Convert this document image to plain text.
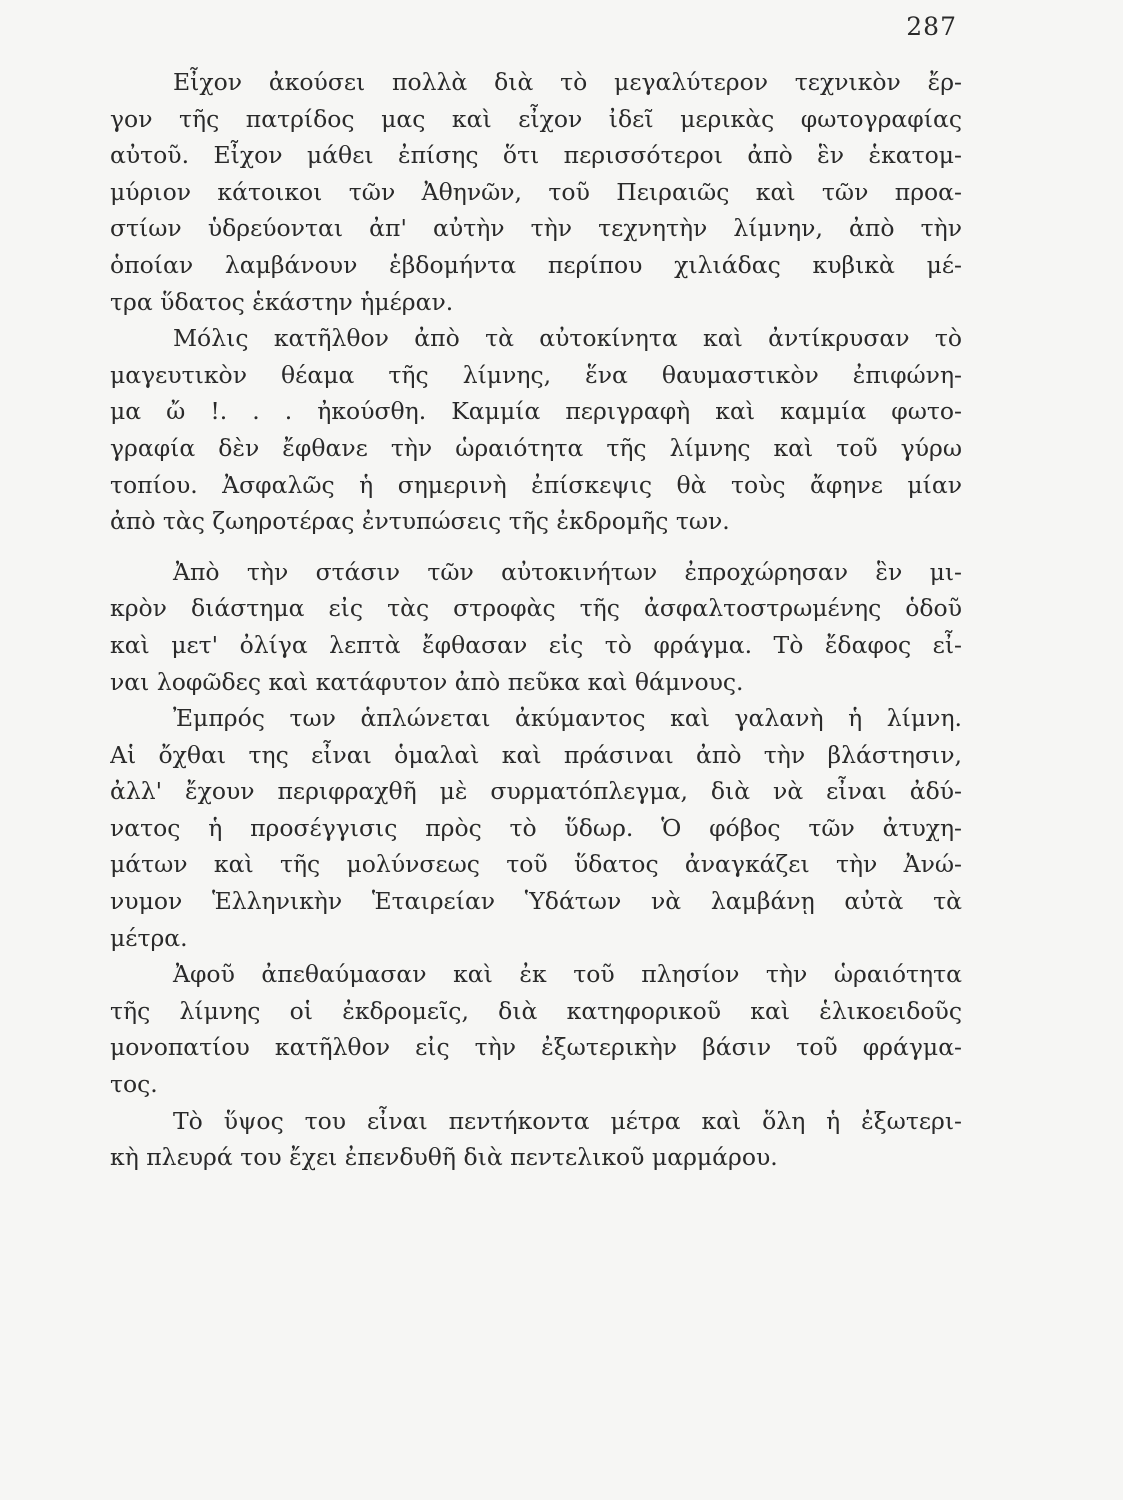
287
Εἶχον ἀκούσει πολλὰ διὰ τὸ μεγαλύτερον τεχνικὸν ἔρ-
γον τῆς πατρίδος μας καὶ εἶχον ἰδεῖ μερικὰς φωτογραφίας
αὐτοῦ. Εἶχον μάθει ἐπίσης ὅτι περισσότεροι ἀπὸ ἓν ἑκατομ-
μύριον κάτοικοι τῶν Ἀθηνῶν, τοῦ Πειραιῶς καὶ τῶν προα-
στίων ὑδρεύονται ἀπ' αὐτὴν τὴν τεχνητὴν λίμνην, ἀπὸ τὴν
ὁποίαν λαμβάνουν ἑβδομήντα περίπου χιλιάδας κυβικὰ μέ-
τρα ὕδατος ἑκάστην ἡμέραν.
Μόλις κατῆλθον ἀπὸ τὰ αὐτοκίνητα καὶ ἀντίκρυσαν τὸ
μαγευτικὸν θέαμα τῆς λίμνης, ἕνα θαυμαστικὸν ἐπιφώνη-
μα ὤ !. . . ἠκούσθη. Καμμία περιγραφὴ καὶ καμμία φωτο-
γραφία δὲν ἔφθανε τὴν ὡραιότητα τῆς λίμνης καὶ τοῦ γύρω
τοπίου. Ἀσφαλῶς ἡ σημερινὴ ἐπίσκεψις θὰ τοὺς ἄφηνε μίαν
ἀπὸ τὰς ζωηροτέρας ἐντυπώσεις τῆς ἐκδρομῆς των.
Ἀπὸ τὴν στάσιν τῶν αὐτοκινήτων ἐπροχώρησαν ἓν μι-
κρὸν διάστημα εἰς τὰς στροφὰς τῆς ἀσφαλτοστρωμένης ὁδοῦ
καὶ μετ' ὀλίγα λεπτὰ ἔφθασαν εἰς τὸ φράγμα. Τὸ ἔδαφος εἶ-
ναι λοφῶδες καὶ κατάφυτον ἀπὸ πεῦκα καὶ θάμνους.
Ἐμπρός των ἁπλώνεται ἀκύμαντος καὶ γαλανὴ ἡ λίμνη.
Αἱ ὄχθαι της εἶναι ὁμαλαὶ καὶ πράσιναι ἀπὸ τὴν βλάστησιν,
ἀλλ' ἔχουν περιφραχθῆ μὲ συρματόπλεγμα, διὰ νὰ εἶναι ἀδύ-
νατος ἡ προσέγγισις πρὸς τὸ ὕδωρ. Ὁ φόβος τῶν ἀτυχη-
μάτων καὶ τῆς μολύνσεως τοῦ ὕδατος ἀναγκάζει τὴν Ἀνώ-
νυμον Ἑλληνικὴν Ἑταιρείαν Ὑδάτων νὰ λαμβάνῃ αὐτὰ τὰ
μέτρα.
Ἀφοῦ ἀπεθαύμασαν καὶ ἐκ τοῦ πλησίον τὴν ὡραιότητα
τῆς λίμνης οἱ ἐκδρομεῖς, διὰ κατηφορικοῦ καὶ ἑλικοειδοῦς
μονοπατίου κατῆλθον εἰς τὴν ἐξωτερικὴν βάσιν τοῦ φράγμα-
τος.
Τὸ ὕψος του εἶναι πεντήκοντα μέτρα καὶ ὅλη ἡ ἐξωτερι-
κὴ πλευρά του ἔχει ἐπενδυθῆ διὰ πεντελικοῦ μαρμάρου.
